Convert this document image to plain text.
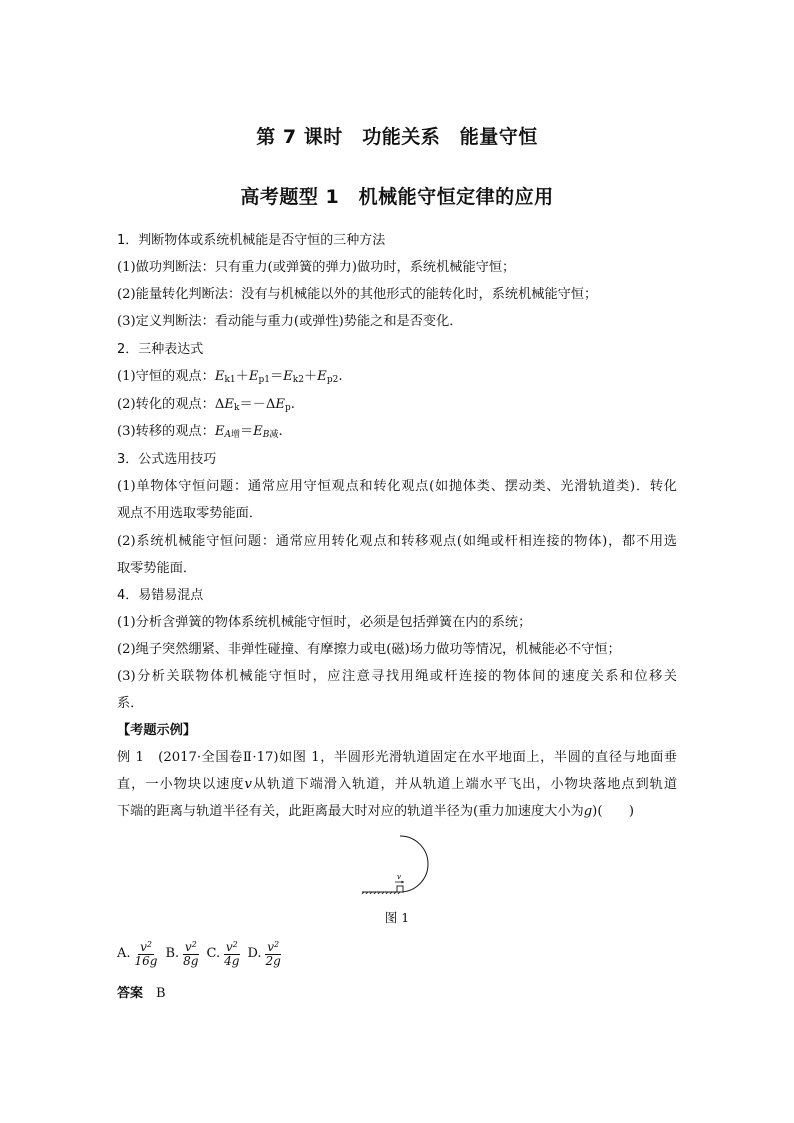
第 7 课时　功能关系　能量守恒
高考题型 1　机械能守恒定律的应用
1．判断物体或系统机械能是否守恒的三种方法
(1)做功判断法：只有重力(或弹簧的弹力)做功时，系统机械能守恒；
(2)能量转化判断法：没有与机械能以外的其他形式的能转化时，系统机械能守恒；
(3)定义判断法：看动能与重力(或弹性)势能之和是否变化．
2．三种表达式
(1)守恒的观点：$E_{k1}+E_{p1}=E_{k2}+E_{p2}$.
(2)转化的观点：$\Delta E_k=-\Delta E_p$.
(3)转移的观点：$E_{A增}=E_{B减}$.
3．公式选用技巧
(1)单物体守恒问题：通常应用守恒观点和转化观点(如抛体类、摆动类、光滑轨道类)．转化
观点不用选取零势能面．
(2)系统机械能守恒问题：通常应用转化观点和转移观点(如绳或杆相连接的物体)，都不用选
取零势能面．
4．易错易混点
(1)分析含弹簧的物体系统机械能守恒时，必须是包括弹簧在内的系统；
(2)绳子突然绷紧、非弹性碰撞、有摩擦力或电(磁)场力做功等情况，机械能必不守恒；
(3)分析关联物体机械能守恒时，应注意寻找用绳或杆连接的物体间的速度关系和位移关
系．
【考题示例】
例 1　(2017·全国卷Ⅱ·17)如图 1，半圆形光滑轨道固定在水平地面上，半圆的直径与地面垂
直，一小物块以速度v从轨道下端滑入轨道，并从轨道上端水平飞出，小物块落地点到轨道
下端的距离与轨道半径有关，此距离最大时对应的轨道半径为(重力加速度大小为g)(　　)
v
图 1
A. $\frac{v^2}{16g} B$. $\frac{v^2}{8g} C$. $\frac{v^2}{4g} D$. $\frac{v^2}{2g}$
答案　 B
